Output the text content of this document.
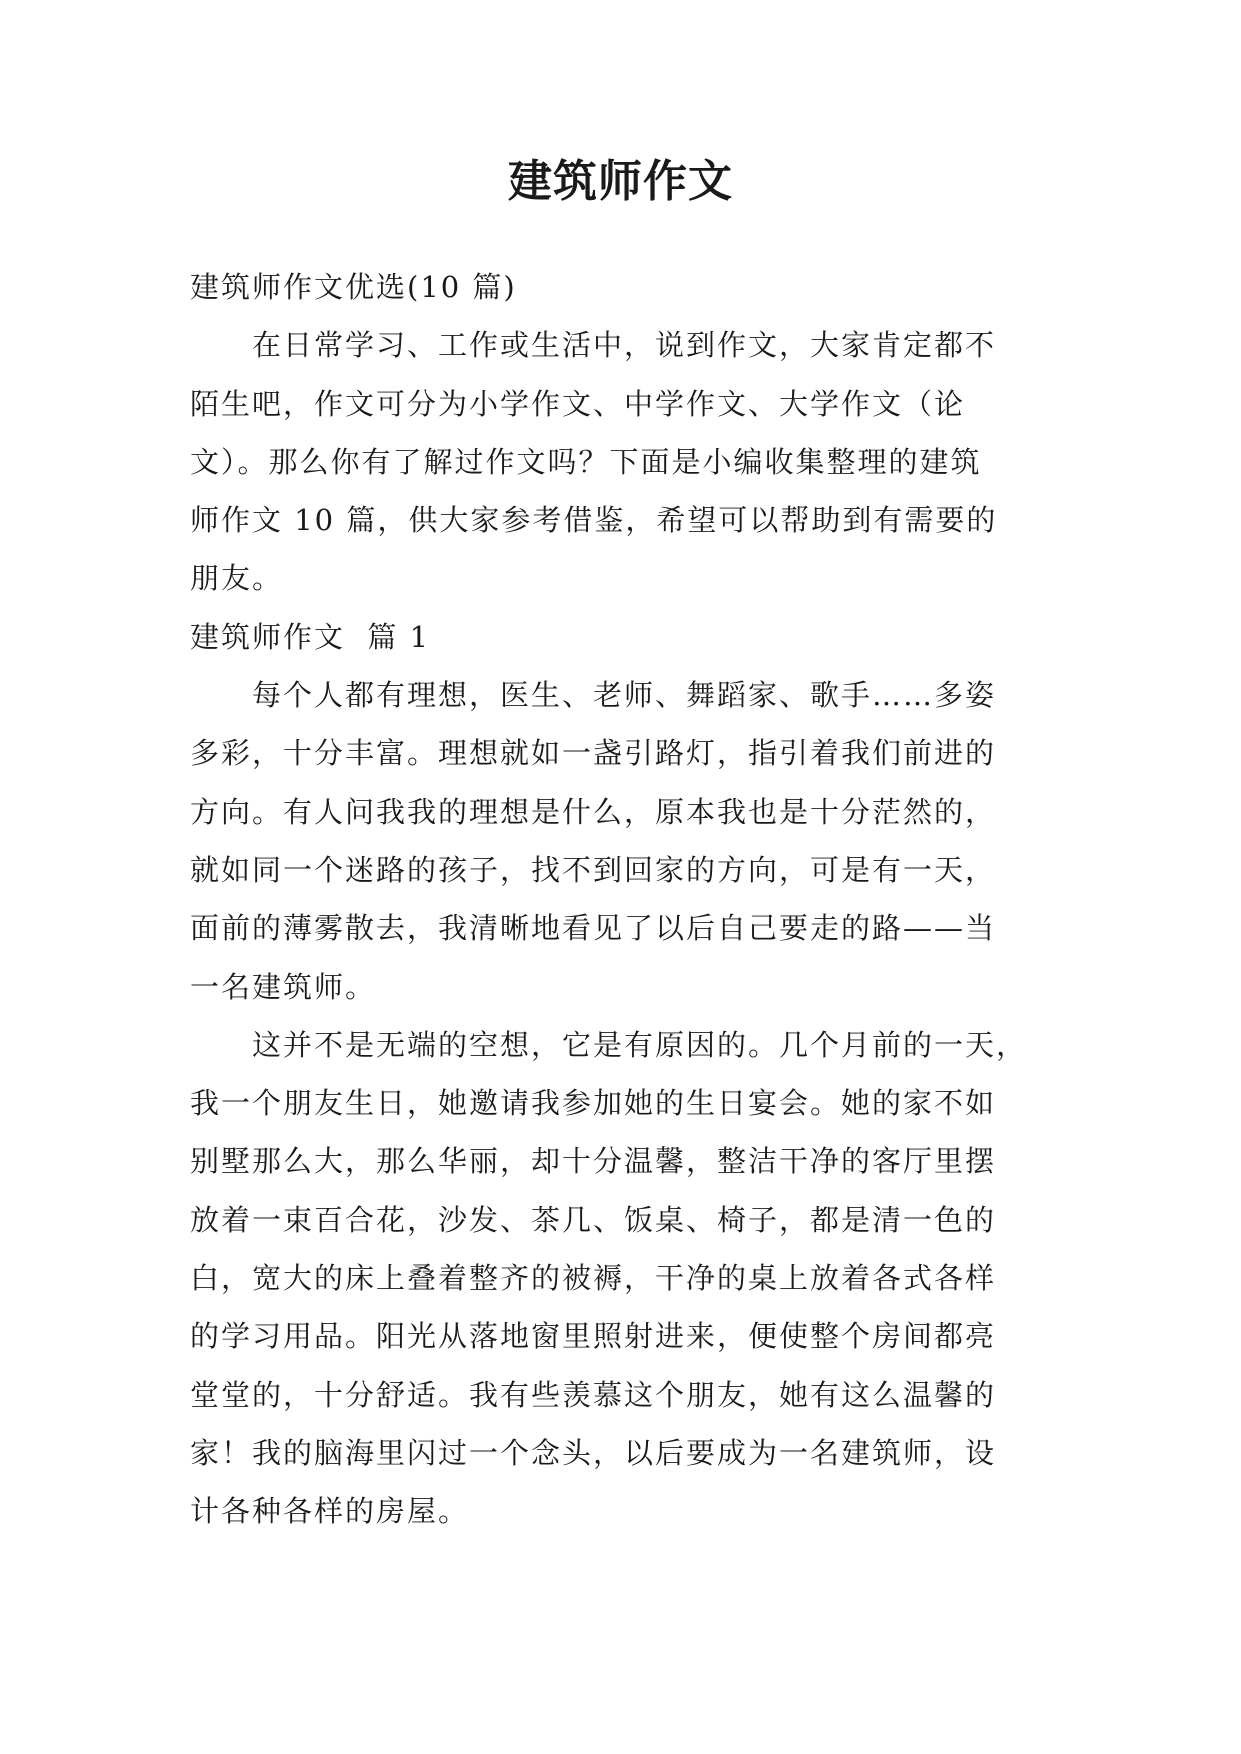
建筑师作文
建筑师作文优选(10 篇)
　　在日常学习、工作或生活中，说到作文，大家肯定都不
陌生吧，作文可分为小学作文、中学作文、大学作文（论
文）。那么你有了解过作文吗？下面是小编收集整理的建筑
师作文 10 篇，供大家参考借鉴，希望可以帮助到有需要的
朋友。
建筑师作文  篇 1
　　每个人都有理想，医生、老师、舞蹈家、歌手……多姿
多彩，十分丰富。理想就如一盏引路灯，指引着我们前进的
方向。有人问我我的理想是什么，原本我也是十分茫然的，
就如同一个迷路的孩子，找不到回家的方向，可是有一天，
面前的薄雾散去，我清晰地看见了以后自己要走的路——当
一名建筑师。
　　这并不是无端的空想，它是有原因的。几个月前的一天，
我一个朋友生日，她邀请我参加她的生日宴会。她的家不如
别墅那么大，那么华丽，却十分温馨，整洁干净的客厅里摆
放着一束百合花，沙发、茶几、饭桌、椅子，都是清一色的
白，宽大的床上叠着整齐的被褥，干净的桌上放着各式各样
的学习用品。阳光从落地窗里照射进来，便使整个房间都亮
堂堂的，十分舒适。我有些羡慕这个朋友，她有这么温馨的
家！我的脑海里闪过一个念头，以后要成为一名建筑师，设
计各种各样的房屋。
